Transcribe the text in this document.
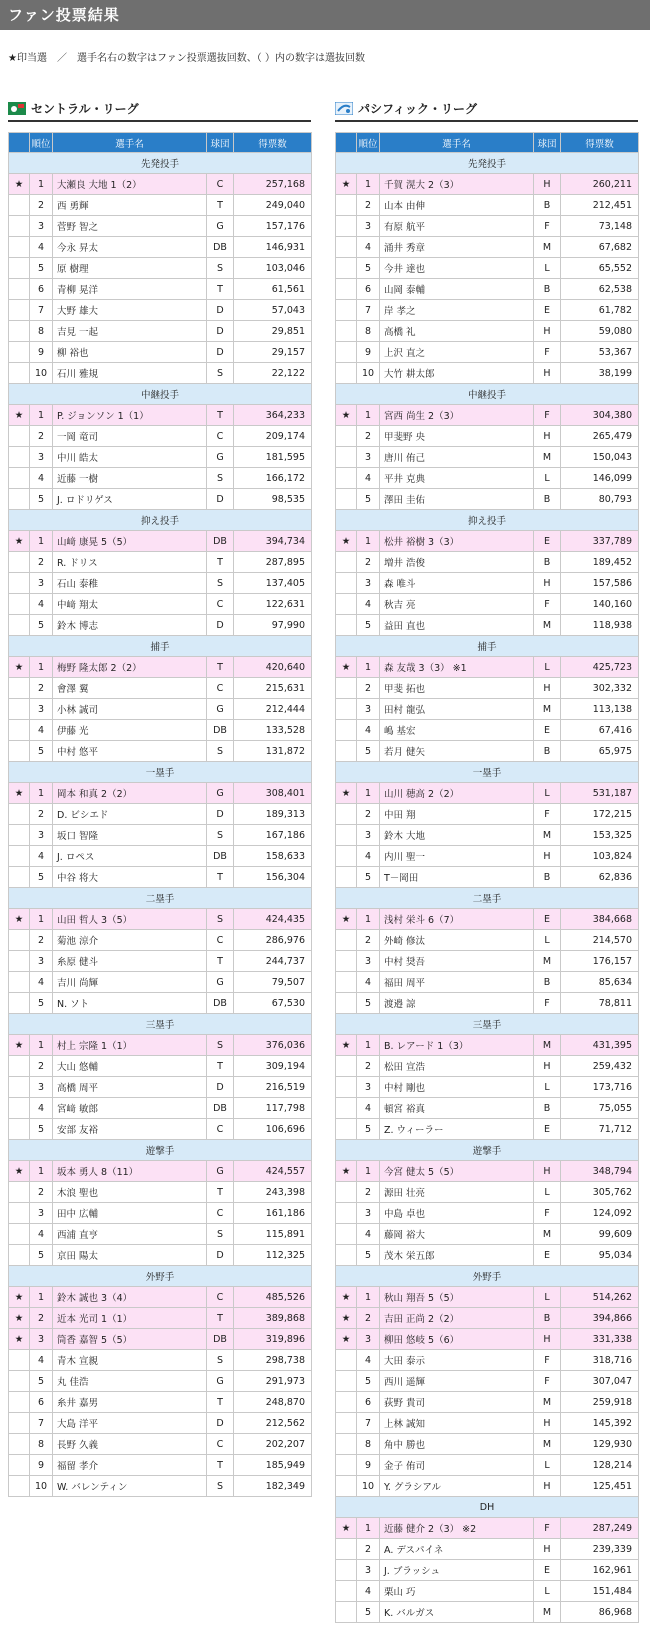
ファン投票結果
★印当選　／　選手名右の数字はファン投票選抜回数、（ ）内の数字は選抜回数
セントラル・リーグ
	順位	選手名	球団	得票数
先発投手				
★	1	大瀬良 大地 1（2）	C	257,168
	2	西 勇輝	T	249,040
	3	菅野 智之	G	157,176
	4	今永 昇太	DB	146,931
	5	原 樹理	S	103,046
	6	青柳 晃洋	T	61,561
	7	大野 雄大	D	57,043
	8	吉見 一起	D	29,851
	9	柳 裕也	D	29,157
	10	石川 雅規	S	22,122
中継投手				
★	1	P. ジョンソン 1（1）	T	364,233
	2	一岡 竜司	C	209,174
	3	中川 皓太	G	181,595
	4	近藤 一樹	S	166,172
	5	J. ロドリゲス	D	98,535
抑え投手				
★	1	山﨑 康晃 5（5）	DB	394,734
	2	R. ドリス	T	287,895
	3	石山 泰稚	S	137,405
	4	中﨑 翔太	C	122,631
	5	鈴木 博志	D	97,990
捕手				
★	1	梅野 隆太郎 2（2）	T	420,640
	2	會澤 翼	C	215,631
	3	小林 誠司	G	212,444
	4	伊藤 光	DB	133,528
	5	中村 悠平	S	131,872
一塁手				
★	1	岡本 和真 2（2）	G	308,401
	2	D. ビシエド	D	189,313
	3	坂口 智隆	S	167,186
	4	J. ロペス	DB	158,633
	5	中谷 将大	T	156,304
二塁手				
★	1	山田 哲人 3（5）	S	424,435
	2	菊池 涼介	C	286,976
	3	糸原 健斗	T	244,737
	4	吉川 尚輝	G	79,507
	5	N. ソト	DB	67,530
三塁手				
★	1	村上 宗隆 1（1）	S	376,036
	2	大山 悠輔	T	309,194
	3	高橋 周平	D	216,519
	4	宮﨑 敏郎	DB	117,798
	5	安部 友裕	C	106,696
遊撃手				
★	1	坂本 勇人 8（11）	G	424,557
	2	木浪 聖也	T	243,398
	3	田中 広輔	C	161,186
	4	西浦 直亨	S	115,891
	5	京田 陽太	D	112,325
外野手				
★	1	鈴木 誠也 3（4）	C	485,526
★	2	近本 光司 1（1）	T	389,868
★	3	筒香 嘉智 5（5）	DB	319,896
	4	青木 宣親	S	298,738
	5	丸 佳浩	G	291,973
	6	糸井 嘉男	T	248,870
	7	大島 洋平	D	212,562
	8	長野 久義	C	202,207
	9	福留 孝介	T	185,949
	10	W. バレンティン	S	182,349
パシフィック・リーグ
	順位	選手名	球団	得票数
先発投手				
★	1	千賀 滉大 2（3）	H	260,211
	2	山本 由伸	B	212,451
	3	有原 航平	F	73,148
	4	涌井 秀章	M	67,682
	5	今井 達也	L	65,552
	6	山岡 泰輔	B	62,538
	7	岸 孝之	E	61,782
	8	高橋 礼	H	59,080
	9	上沢 直之	F	53,367
	10	大竹 耕太郎	H	38,199
中継投手				
★	1	宮西 尚生 2（3）	F	304,380
	2	甲斐野 央	H	265,479
	3	唐川 侑己	M	150,043
	4	平井 克典	L	146,099
	5	澤田 圭佑	B	80,793
抑え投手				
★	1	松井 裕樹 3（3）	E	337,789
	2	増井 浩俊	B	189,452
	3	森 唯斗	H	157,586
	4	秋吉 亮	F	140,160
	5	益田 直也	M	118,938
捕手				
★	1	森 友哉 3（3） ※1	L	425,723
	2	甲斐 拓也	H	302,332
	3	田村 龍弘	M	113,138
	4	嶋 基宏	E	67,416
	5	若月 健矢	B	65,975
一塁手				
★	1	山川 穂高 2（2）	L	531,187
	2	中田 翔	F	172,215
	3	鈴木 大地	M	153,325
	4	内川 聖一	H	103,824
	5	T－岡田	B	62,836
二塁手				
★	1	浅村 栄斗 6（7）	E	384,668
	2	外崎 修汰	L	214,570
	3	中村 奨吾	M	176,157
	4	福田 周平	B	85,634
	5	渡邉 諒	F	78,811
三塁手				
★	1	B. レアード 1（3）	M	431,395
	2	松田 宣浩	H	259,432
	3	中村 剛也	L	173,716
	4	頓宮 裕真	B	75,055
	5	Z. ウィーラー	E	71,712
遊撃手				
★	1	今宮 健太 5（5）	H	348,794
	2	源田 壮亮	L	305,762
	3	中島 卓也	F	124,092
	4	藤岡 裕大	M	99,609
	5	茂木 栄五郎	E	95,034
外野手				
★	1	秋山 翔吾 5（5）	L	514,262
★	2	吉田 正尚 2（2）	B	394,866
★	3	柳田 悠岐 5（6）	H	331,338
	4	大田 泰示	F	318,716
	5	西川 遥輝	F	307,047
	6	荻野 貴司	M	259,918
	7	上林 誠知	H	145,392
	8	角中 勝也	M	129,930
	9	金子 侑司	L	128,214
	10	Y. グラシアル	H	125,451
DH				
★	1	近藤 健介 2（3） ※2	F	287,249
	2	A. デスパイネ	H	239,339
	3	J. ブラッシュ	E	162,961
	4	栗山 巧	L	151,484
	5	K. バルガス	M	86,968
